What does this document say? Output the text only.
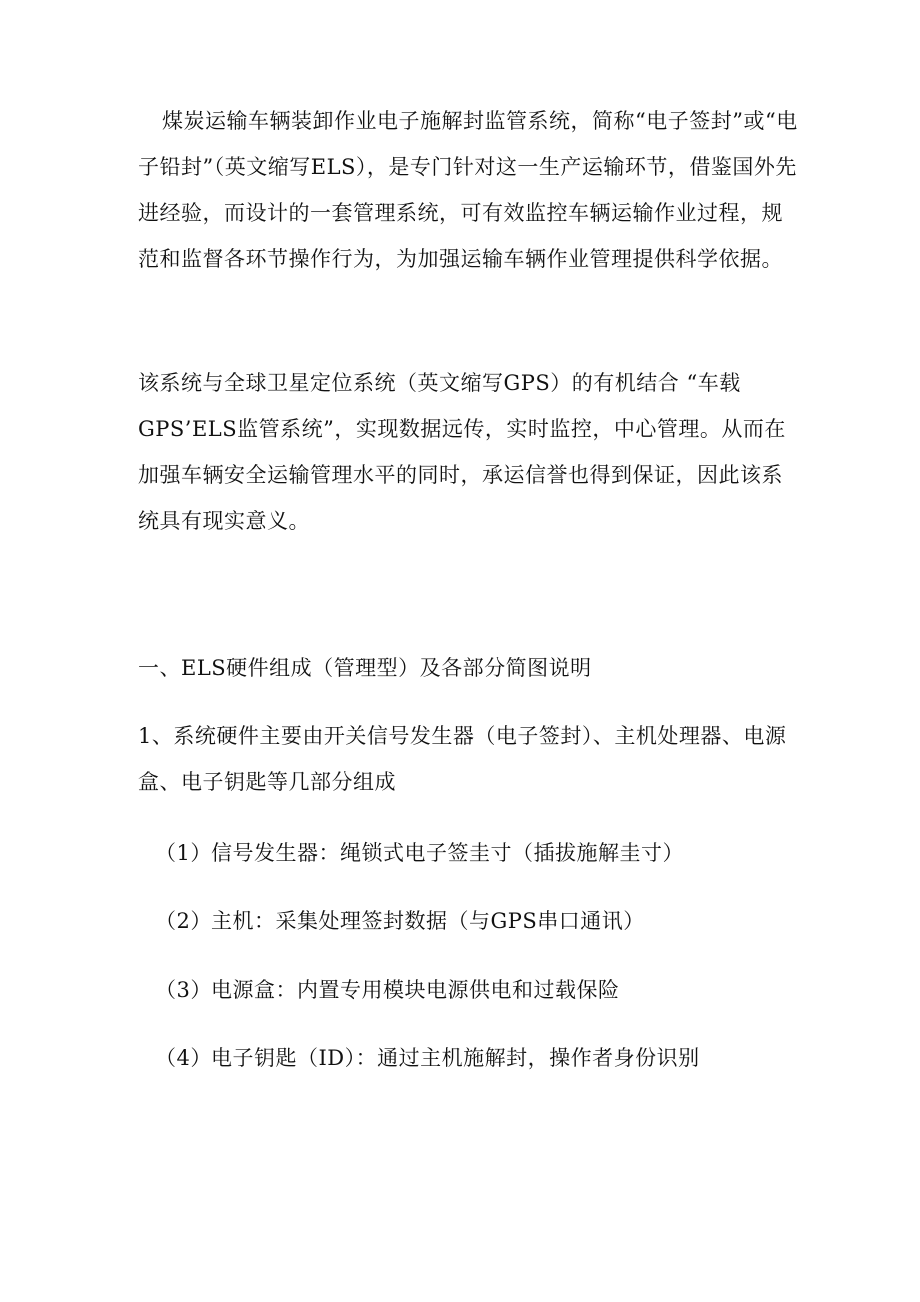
煤炭运输车辆装卸作业电子施解封监管系统，简称“电子签封”或“电子铅封”（英文缩写ELS），是专门针对这一生产运输环节，借鉴国外先进经验，而设计的一套管理系统，可有效监控车辆运输作业过程，规范和监督各环节操作行为，为加强运输车辆作业管理提供科学依据。

该系统与全球卫星定位系统（英文缩写GPS）的有机结合 “车载GPS’ELS监管系统”，实现数据远传，实时监控，中心管理。从而在加强车辆安全运输管理水平的同时，承运信誉也得到保证，因此该系统具有现实意义。

一、ELS硬件组成（管理型）及各部分简图说明

1、系统硬件主要由开关信号发生器（电子签封）、主机处理器、电源盒、电子钥匙等几部分组成

（1）信号发生器：绳锁式电子签圭寸（插拔施解圭寸）
（2）主机：采集处理签封数据（与GPS串口通讯）
（3）电源盒：内置专用模块电源供电和过载保险
（4）电子钥匙（ID）：通过主机施解封，操作者身份识别
